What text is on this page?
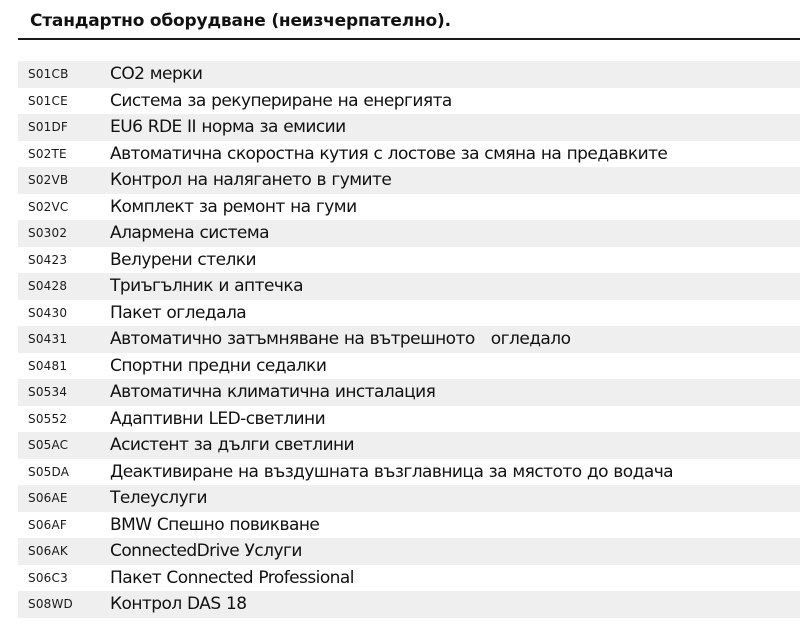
Стандартно оборудване (неизчерпателно).
S01CB	CO2 мерки
S01CE	Система за рекупериране на енергията
S01DF	EU6 RDE II норма за емисии
S02TE	Автоматична скоростна кутия с лостове за смяна на предавките
S02VB	Контрол на налягането в гумите
S02VC	Комплект за ремонт на гуми
S0302	Алармена система
S0423	Велурени стелки
S0428	Триъгълник и аптечка
S0430	Пакет огледала
S0431	Автоматично затъмняване на вътрешното   огледало
S0481	Спортни предни седалки
S0534	Автоматична климатична инсталация
S0552	Адаптивни LED-светлини
S05AC	Асистент за дълги светлини
S05DA	Деактивиране на въздушната възглавница за мястото до водача
S06AE	Телеуслуги
S06AF	BMW Спешно повикване
S06AK	ConnectedDrive Услуги
S06C3	Пакет Connected Professional
S08WD	Контрол DAS 18
